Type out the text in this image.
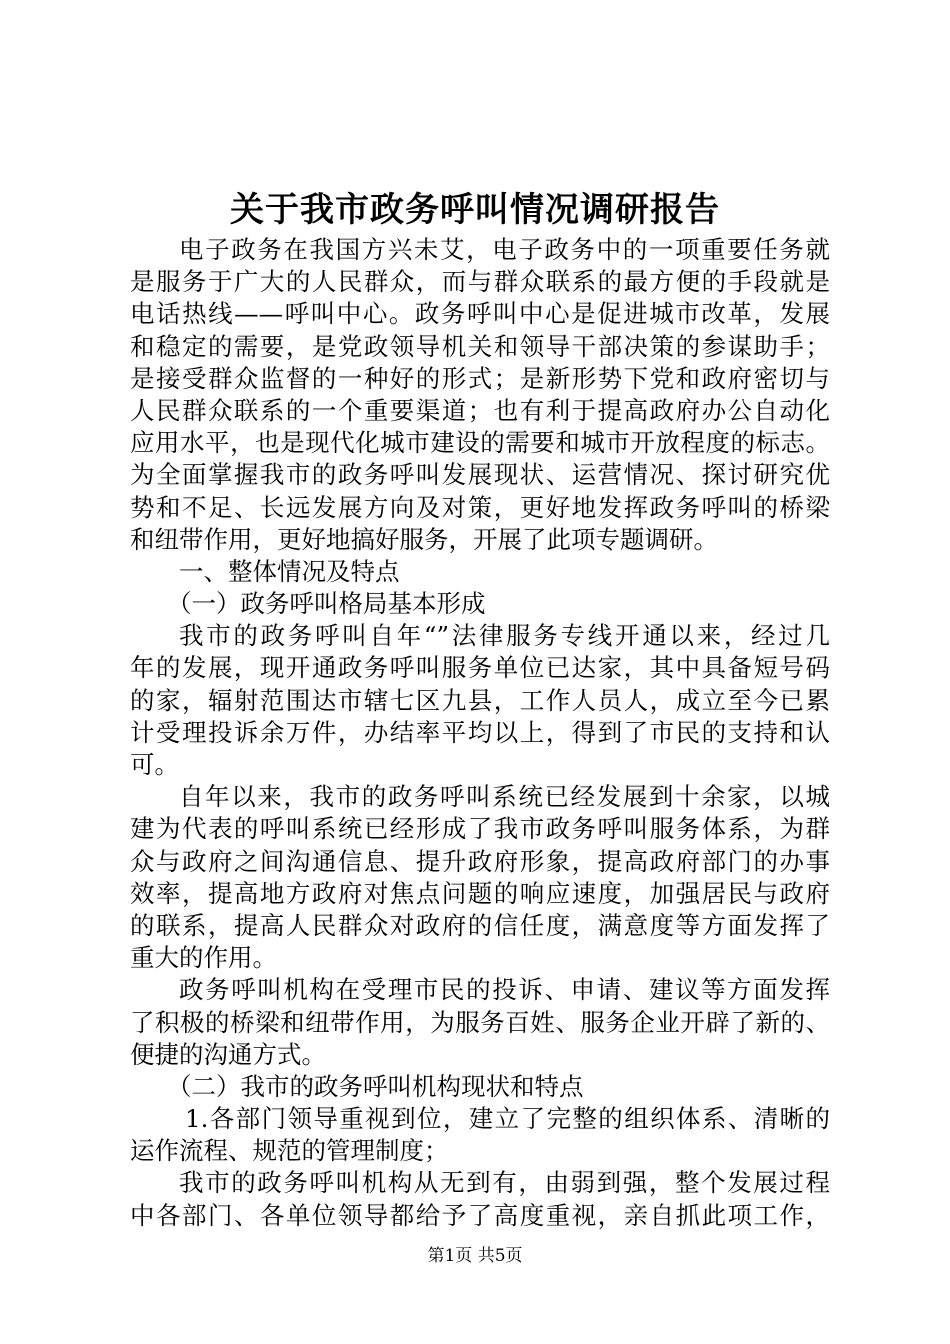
关于我市政务呼叫情况调研报告
电子政务在我国方兴未艾，电子政务中的一项重要任务就
是服务于广大的人民群众，而与群众联系的最方便的手段就是
电话热线——呼叫中心。政务呼叫中心是促进城市改革，发展
和稳定的需要，是党政领导机关和领导干部决策的参谋助手；
是接受群众监督的一种好的形式；是新形势下党和政府密切与
人民群众联系的一个重要渠道；也有利于提高政府办公自动化
应用水平，也是现代化城市建设的需要和城市开放程度的标志。
为全面掌握我市的政务呼叫发展现状、运营情况、探讨研究优
势和不足、长远发展方向及对策，更好地发挥政务呼叫的桥梁
和纽带作用，更好地搞好服务，开展了此项专题调研。
一、整体情况及特点
（一）政务呼叫格局基本形成
我市的政务呼叫自年“”法律服务专线开通以来，经过几
年的发展，现开通政务呼叫服务单位已达家，其中具备短号码
的家，辐射范围达市辖七区九县，工作人员人，成立至今已累
计受理投诉余万件，办结率平均以上，得到了市民的支持和认
可。
自年以来，我市的政务呼叫系统已经发展到十余家，以城
建为代表的呼叫系统已经形成了我市政务呼叫服务体系，为群
众与政府之间沟通信息、提升政府形象，提高政府部门的办事
效率，提高地方政府对焦点问题的响应速度，加强居民与政府
的联系，提高人民群众对政府的信任度，满意度等方面发挥了
重大的作用。
政务呼叫机构在受理市民的投诉、申请、建议等方面发挥
了积极的桥梁和纽带作用，为服务百姓、服务企业开辟了新的、
便捷的沟通方式。
（二）我市的政务呼叫机构现状和特点
1.各部门领导重视到位，建立了完整的组织体系、清晰的
运作流程、规范的管理制度；
我市的政务呼叫机构从无到有，由弱到强，整个发展过程
中各部门、各单位领导都给予了高度重视，亲自抓此项工作，
第1页 共5页
